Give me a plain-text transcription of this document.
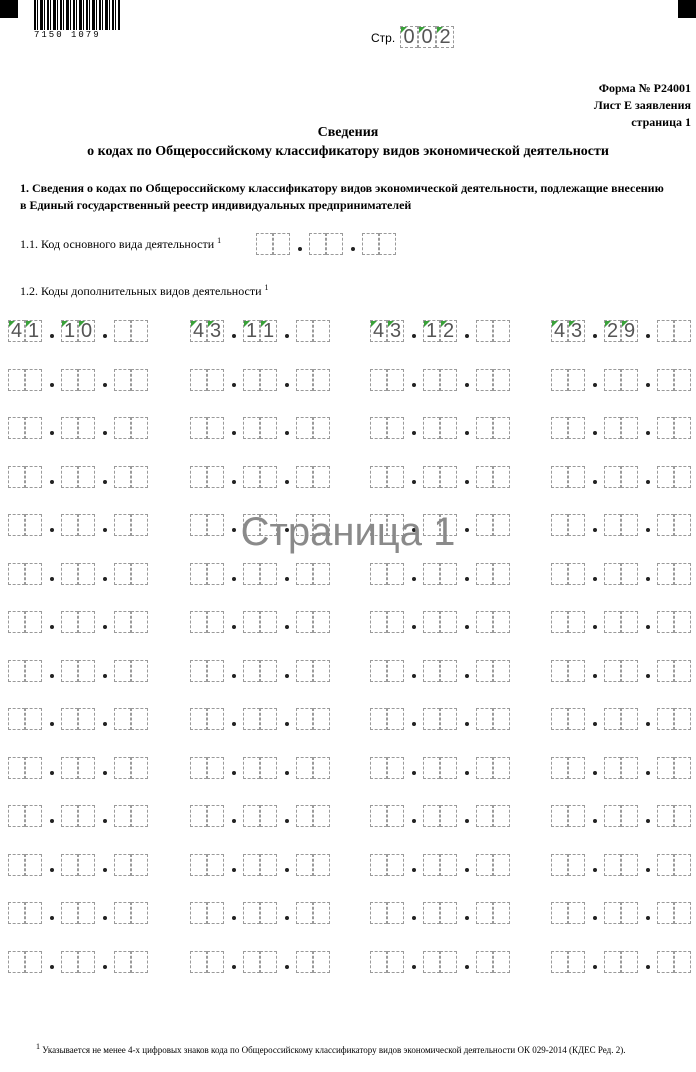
7150 1079	Стр. 0 0 2
Форма № Р24001
Лист Е заявления
страница 1
Сведения
о кодах по Общероссийскому классификатору видов экономической деятельности
1. Сведения о кодах по Общероссийскому классификатору видов экономической деятельности, подлежащие внесению
в Единый государственный реестр индивидуальных предпринимателей
1.1. Код основного вида деятельности $^1$
1.2. Коды дополнительных видов деятельности $^1$
4 1 1 0	4 3 1 1	4 3 1 2	4 3 2 9
Страница 1
$^1$ Указывается не менее 4-х цифровых знаков кода по Общероссийскому классификатору видов экономической деятельности ОК 029-2014 (КДЕС Ред. 2).
